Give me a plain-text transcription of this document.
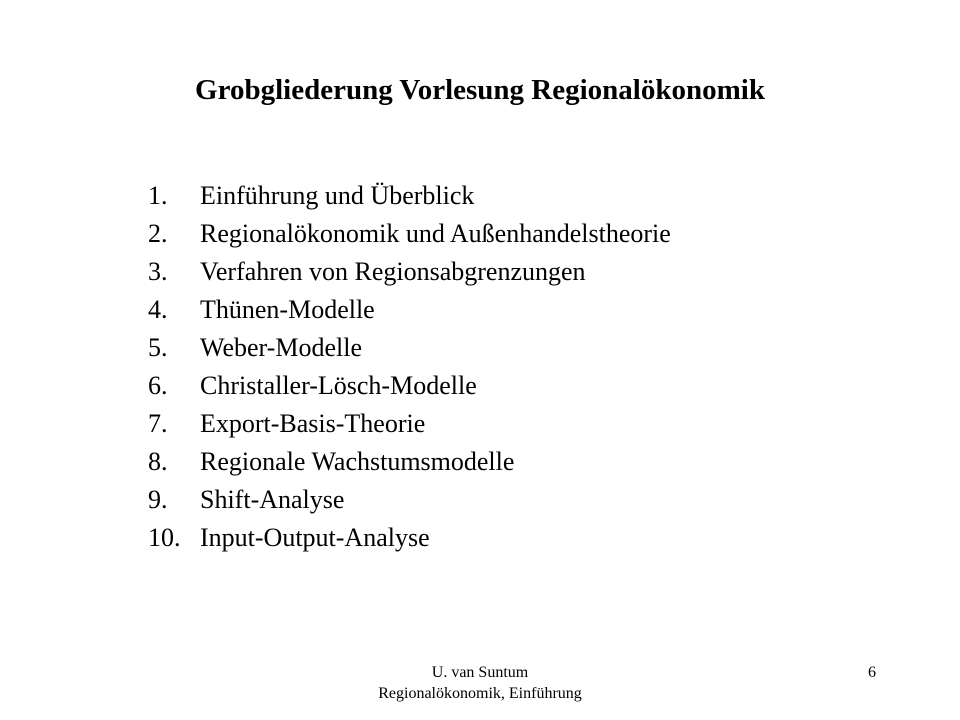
Grobgliederung Vorlesung Regionalökonomik
1.	Einführung und Überblick
2.	Regionalökonomik und Außenhandelstheorie
3.	Verfahren von Regionsabgrenzungen
4.	Thünen-Modelle
5.	Weber-Modelle
6.	Christaller-Lösch-Modelle
7.	Export-Basis-Theorie
8.	Regionale Wachstumsmodelle
9.	Shift-Analyse
10. Input-Output-Analyse
U. van Suntum
Regionalökonomik, Einführung
6
